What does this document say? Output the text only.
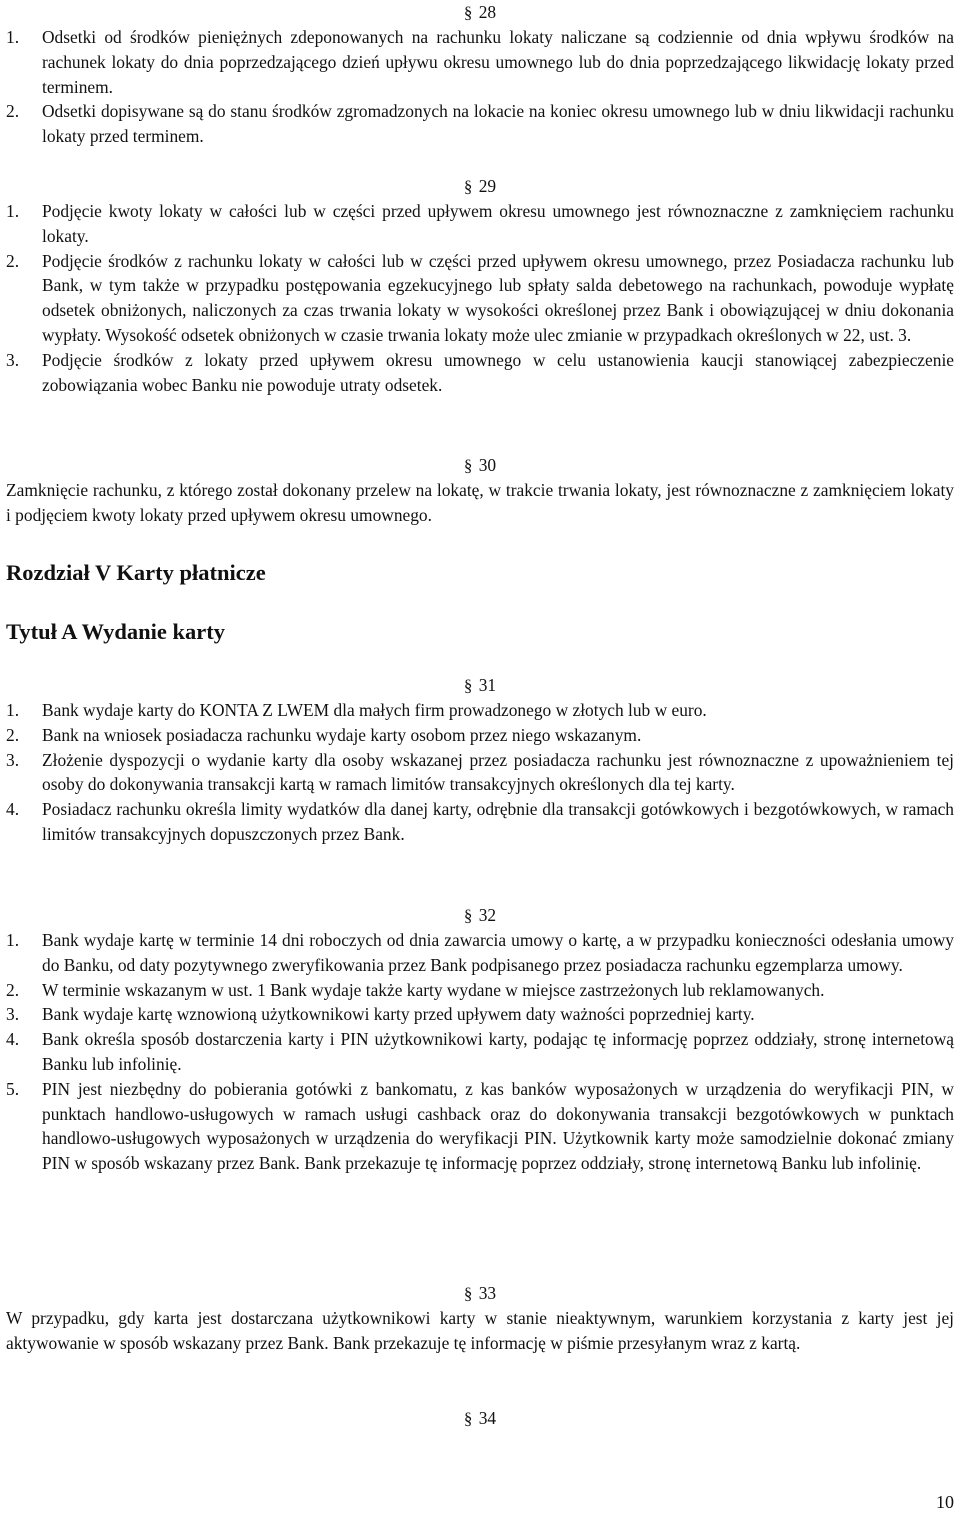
§ 28
1.	Odsetki od środków pieniężnych zdeponowanych na rachunku lokaty naliczane są codziennie od dnia wpływu środków na rachunek lokaty do dnia poprzedzającego dzień upływu okresu umownego lub do dnia poprzedzającego likwidację lokaty przed terminem.
2.	Odsetki dopisywane są do stanu środków zgromadzonych na lokacie na koniec okresu umownego lub w dniu likwidacji rachunku lokaty przed terminem.
§ 29
1.	Podjęcie kwoty lokaty w całości lub w części przed upływem okresu umownego jest równoznaczne z zamknięciem rachunku lokaty.
2.	Podjęcie środków z rachunku lokaty w całości lub w części przed upływem okresu umownego, przez Posiadacza rachunku lub Bank, w tym także w przypadku postępowania egzekucyjnego lub spłaty salda debetowego na rachunkach, powoduje wypłatę odsetek obniżonych, naliczonych za czas trwania lokaty w wysokości określonej przez Bank i obowiązującej w dniu dokonania wypłaty. Wysokość odsetek obniżonych w czasie trwania lokaty może ulec zmianie w przypadkach określonych w 22, ust. 3.
3.	Podjęcie środków z lokaty przed upływem okresu umownego w celu ustanowienia kaucji stanowiącej zabezpieczenie zobowiązania wobec Banku nie powoduje utraty odsetek.
§ 30
Zamknięcie rachunku, z którego został dokonany przelew na lokatę, w trakcie trwania lokaty, jest równoznaczne z zamknięciem lokaty i podjęciem kwoty lokaty przed upływem okresu umownego.
Rozdział V Karty płatnicze
Tytuł A Wydanie karty
§ 31
1.	Bank wydaje karty do KONTA Z LWEM dla małych firm prowadzonego w złotych lub w euro.
2.	Bank na wniosek posiadacza rachunku wydaje karty osobom przez niego wskazanym.
3.	Złożenie dyspozycji o wydanie karty dla osoby wskazanej przez posiadacza rachunku jest równoznaczne z upoważnieniem tej osoby do dokonywania transakcji kartą w ramach limitów transakcyjnych określonych dla tej karty.
4.	Posiadacz rachunku określa limity wydatków dla danej karty, odrębnie dla transakcji gotówkowych i bezgotówkowych, w ramach limitów transakcyjnych dopuszczonych przez Bank.
§ 32
1.	Bank wydaje kartę w terminie 14 dni roboczych od dnia zawarcia umowy o kartę, a w przypadku konieczności odesłania umowy do Banku, od daty pozytywnego zweryfikowania przez Bank podpisanego przez posiadacza rachunku egzemplarza umowy.
2.	W terminie wskazanym w ust. 1 Bank wydaje także karty wydane w miejsce zastrzeżonych lub reklamowanych.
3.	Bank wydaje kartę wznowioną użytkownikowi karty przed upływem daty ważności poprzedniej karty.
4.	Bank określa sposób dostarczenia karty i PIN użytkownikowi karty, podając tę informację poprzez oddziały, stronę internetową Banku lub infolinię.
5.	PIN jest niezbędny do pobierania gotówki z bankomatu, z kas banków wyposażonych w urządzenia do weryfikacji PIN, w punktach handlowo-usługowych w ramach usługi cashback oraz do dokonywania transakcji bezgotówkowych w punktach handlowo-usługowych wyposażonych w urządzenia do weryfikacji PIN. Użytkownik karty może samodzielnie dokonać zmiany PIN w sposób wskazany przez Bank. Bank przekazuje tę informację poprzez oddziały, stronę internetową Banku lub infolinię.
§ 33
W przypadku, gdy karta jest dostarczana użytkownikowi karty w stanie nieaktywnym, warunkiem korzystania z karty jest jej aktywowanie w sposób wskazany przez Bank. Bank przekazuje tę informację w piśmie przesyłanym wraz z kartą.
§ 34
10
